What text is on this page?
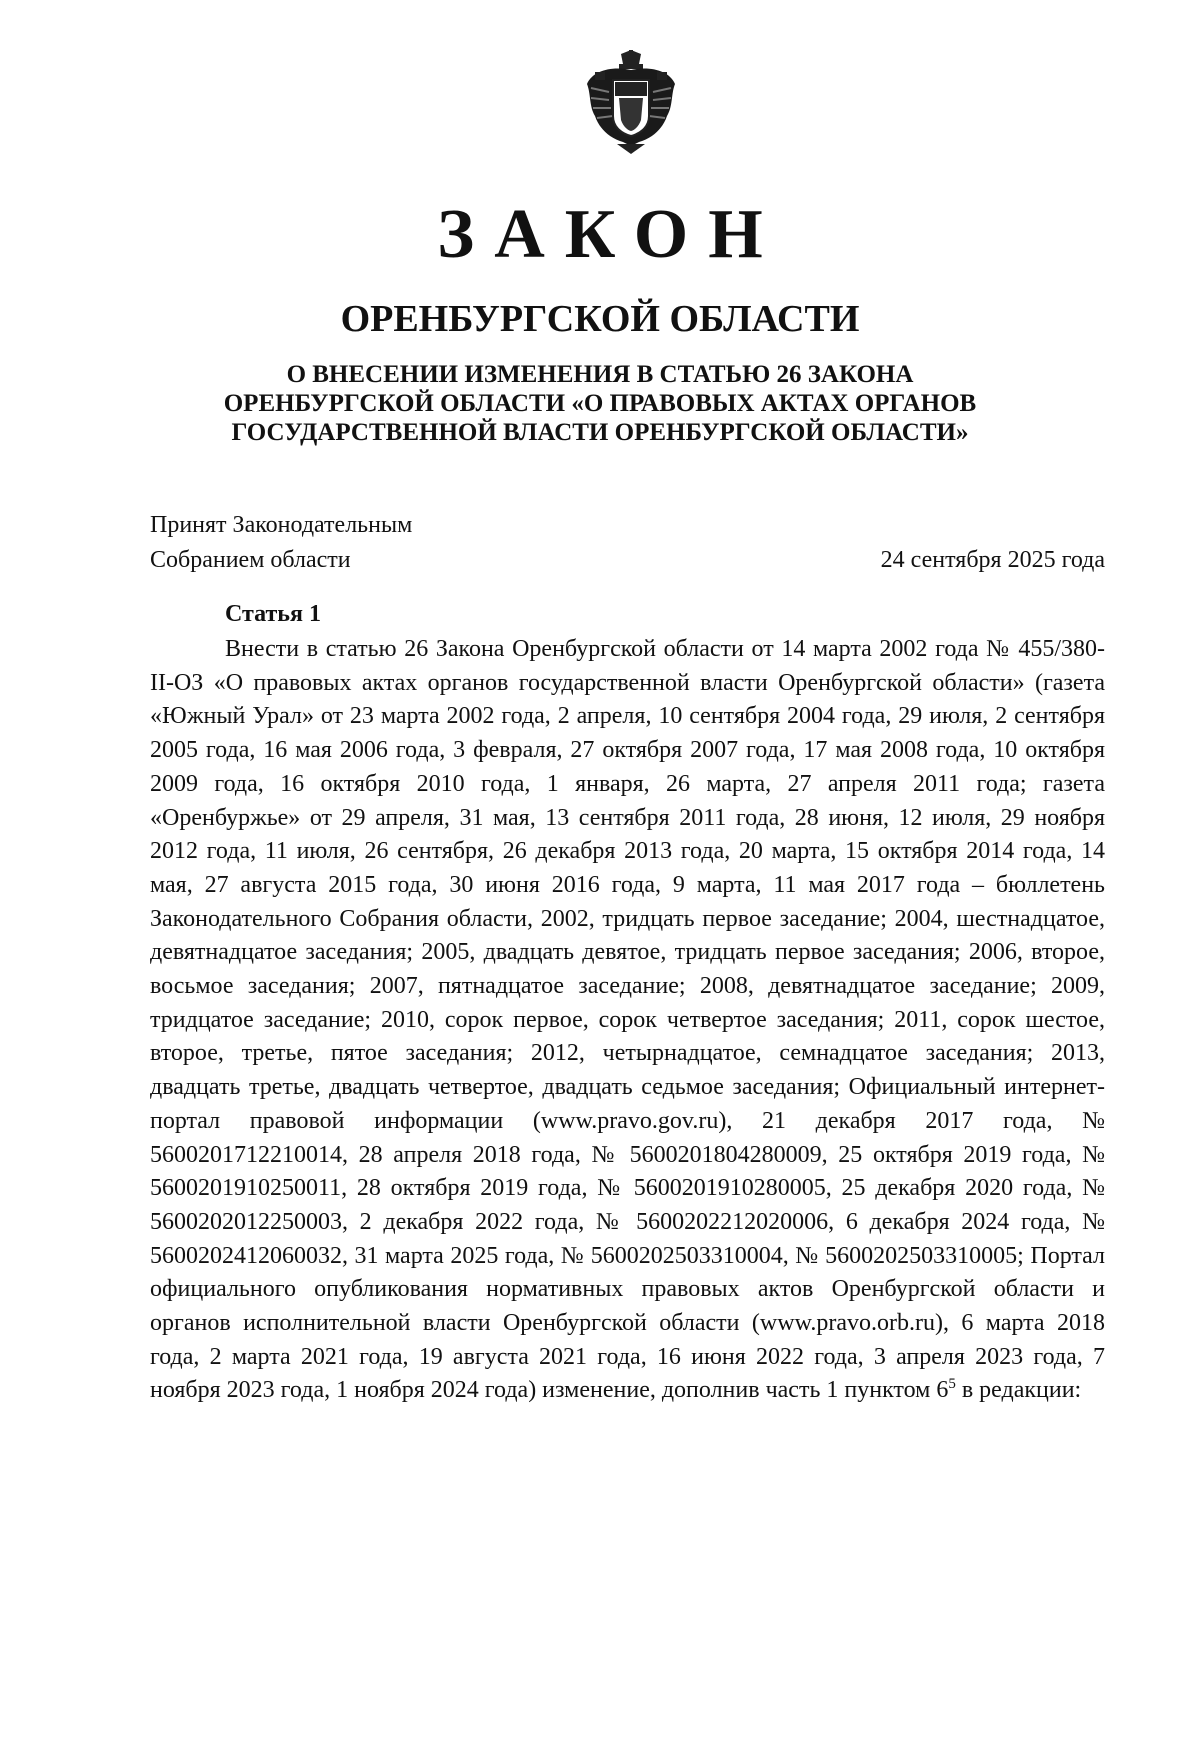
ЗАКОН
ОРЕНБУРГСКОЙ ОБЛАСТИ
О ВНЕСЕНИИ ИЗМЕНЕНИЯ В СТАТЬЮ 26 ЗАКОНА
ОРЕНБУРГСКОЙ ОБЛАСТИ «О ПРАВОВЫХ АКТАХ ОРГАНОВ
ГОСУДАРСТВЕННОЙ ВЛАСТИ ОРЕНБУРГСКОЙ ОБЛАСТИ»
Принят Законодательным
Собранием области	24 сентября 2025 года
Статья 1

Внести в статью 26 Закона Оренбургской области от 14 марта 2002 года № 455/380-II-ОЗ «О правовых актах органов государственной власти Оренбургской области» (газета «Южный Урал» от 23 марта 2002 года, 2 апреля, 10 сентября 2004 года, 29 июля, 2 сентября 2005 года, 16 мая 2006 года, 3 февраля, 27 октября 2007 года, 17 мая 2008 года, 10 октября 2009 года, 16 октября 2010 года, 1 января, 26 марта, 27 апреля 2011 года; газета «Оренбуржье» от 29 апреля, 31 мая, 13 сентября 2011 года, 28 июня, 12 июля, 29 ноября 2012 года, 11 июля, 26 сентября, 26 декабря 2013 года, 20 марта, 15 октября 2014 года, 14 мая, 27 августа 2015 года, 30 июня 2016 года, 9 марта, 11 мая 2017 года – бюллетень Законодательного Собрания области, 2002, тридцать первое заседание; 2004, шестнадцатое, девятнадцатое заседания; 2005, двадцать девятое, тридцать первое заседания; 2006, второе, восьмое заседания; 2007, пятнадцатое заседание; 2008, девятнадцатое заседание; 2009, тридцатое заседание; 2010, сорок первое, сорок четвертое заседания; 2011, сорок шестое, второе, третье, пятое заседания; 2012, четырнадцатое, семнадцатое заседания; 2013, двадцать третье, двадцать четвертое, двадцать седьмое заседания; Официальный интернет-портал правовой информации (www.pravo.gov.ru), 21 декабря 2017 года, № 5600201712210014, 28 апреля 2018 года, № 5600201804280009, 25 октября 2019 года, № 5600201910250011, 28 октября 2019 года, № 5600201910280005, 25 декабря 2020 года, № 5600202012250003, 2 декабря 2022 года, № 5600202212020006, 6 декабря 2024 года, № 5600202412060032, 31 марта 2025 года, № 5600202503310004, № 5600202503310005; Портал официального опубликования нормативных правовых актов Оренбургской области и органов исполнительной власти Оренбургской области (www.pravo.orb.ru), 6 марта 2018 года, 2 марта 2021 года, 19 августа 2021 года, 16 июня 2022 года, 3 апреля 2023 года, 7 ноября 2023 года, 1 ноября 2024 года) изменение, дополнив часть 1 пунктом $6^5$ в редакции:
